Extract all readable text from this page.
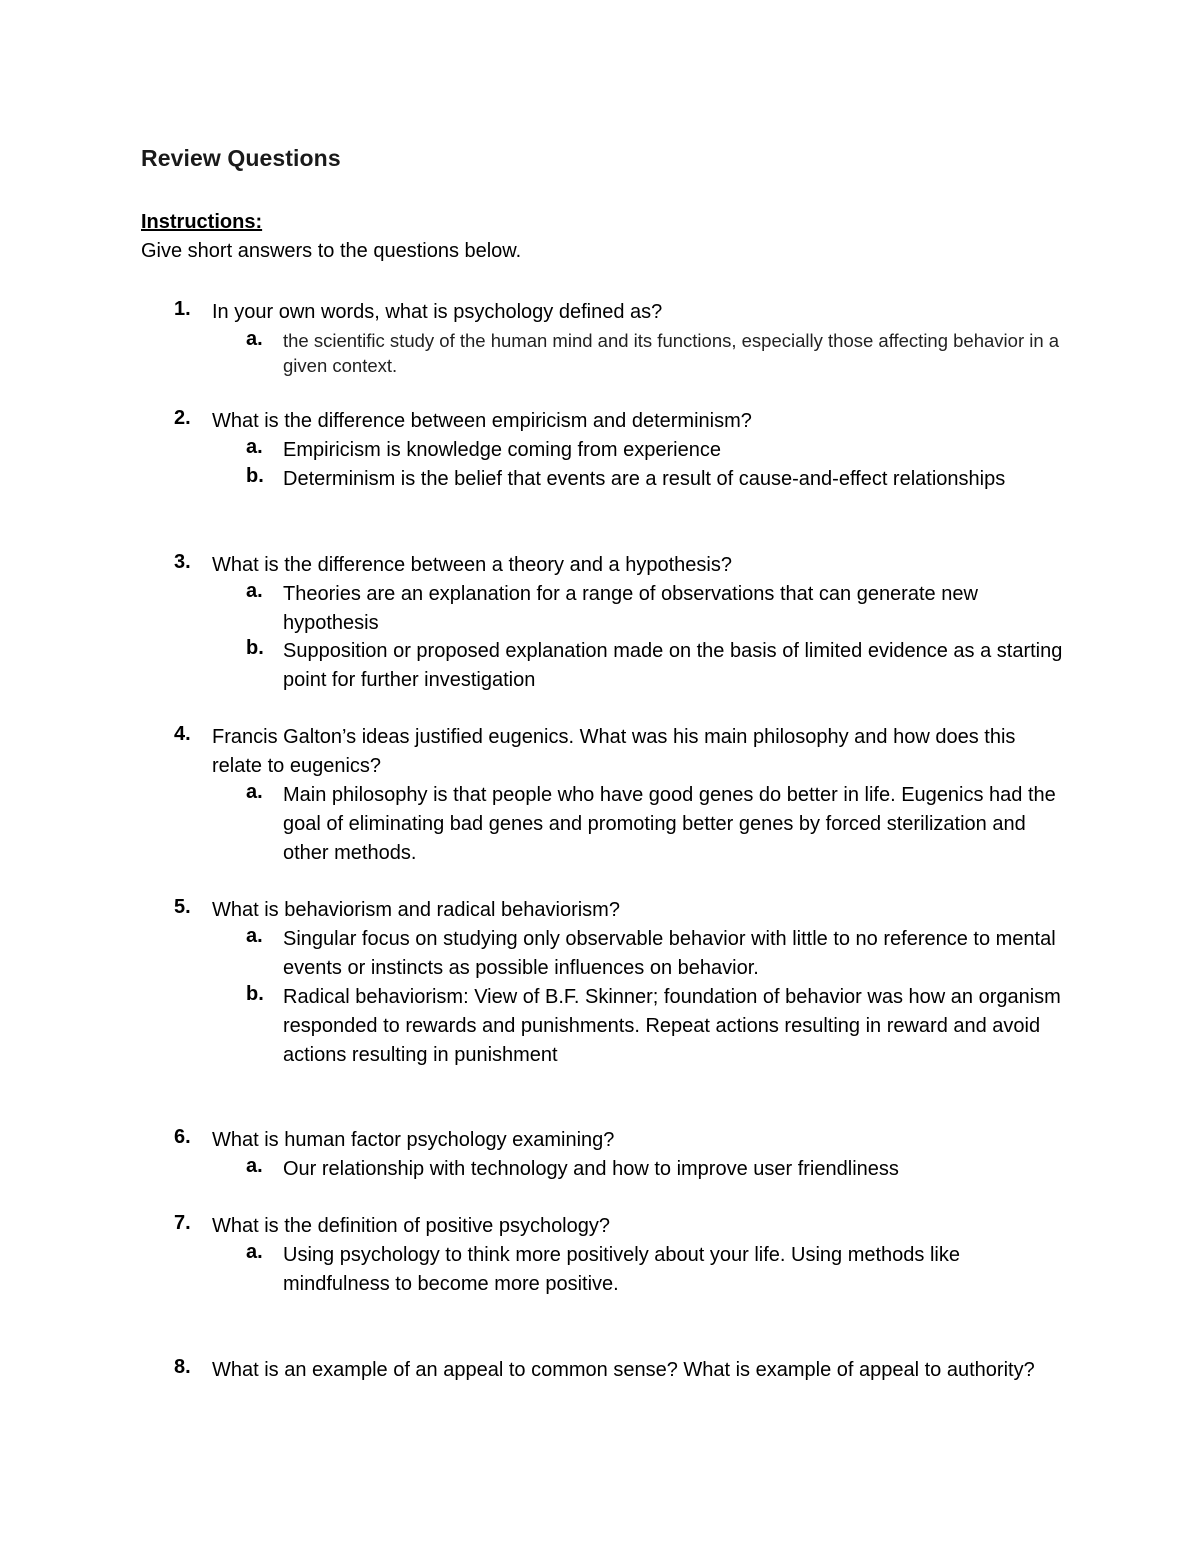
Review Questions
Instructions:
Give short answers to the questions below.
1. In your own words, what is psychology defined as?
a. the scientific study of the human mind and its functions, especially those affecting behavior in a given context.
2. What is the difference between empiricism and determinism?
a. Empiricism is knowledge coming from experience
b. Determinism is the belief that events are a result of cause-and-effect relationships
3. What is the difference between a theory and a hypothesis?
a. Theories are an explanation for a range of observations that can generate new hypothesis
b. Supposition or proposed explanation made on the basis of limited evidence as a starting point for further investigation
4. Francis Galton’s ideas justified eugenics. What was his main philosophy and how does this relate to eugenics?
a. Main philosophy is that people who have good genes do better in life. Eugenics had the goal of eliminating bad genes and promoting better genes by forced sterilization and other methods.
5. What is behaviorism and radical behaviorism?
a. Singular focus on studying only observable behavior with little to no reference to mental events or instincts as possible influences on behavior.
b. Radical behaviorism: View of B.F. Skinner; foundation of behavior was how an organism responded to rewards and punishments. Repeat actions resulting in reward and avoid actions resulting in punishment
6. What is human factor psychology examining?
a. Our relationship with technology and how to improve user friendliness
7. What is the definition of positive psychology?
a. Using psychology to think more positively about your life. Using methods like mindfulness to become more positive.
8. What is an example of an appeal to common sense? What is example of appeal to authority?
